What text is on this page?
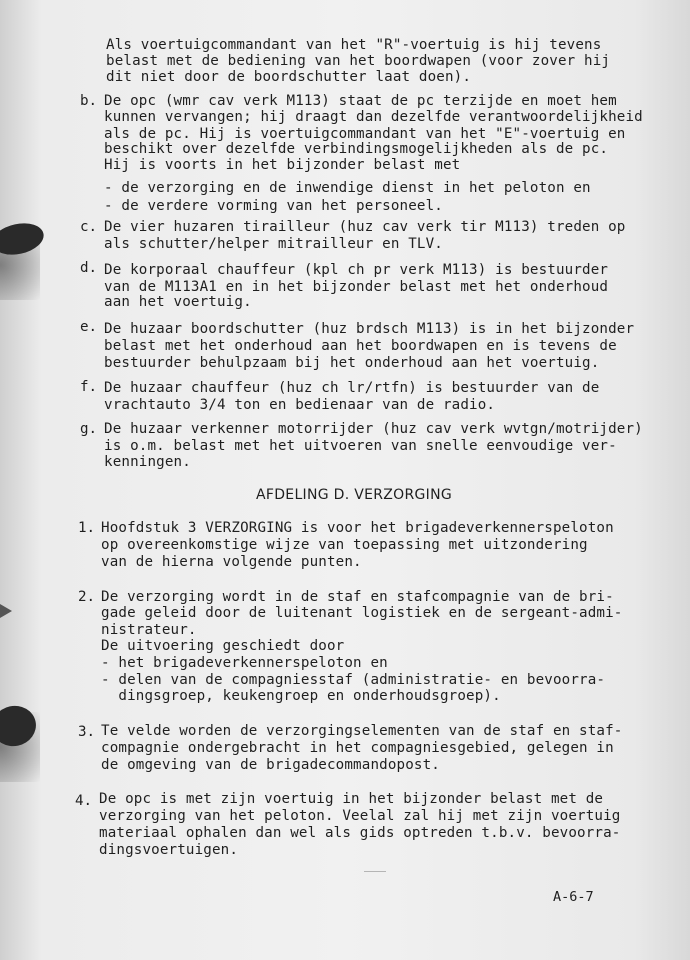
Als voertuigcommandant van het "R"-voertuig is hij tevens
belast met de bediening van het boordwapen (voor zover hij
dit niet door de boordschutter laat doen).
b. De opc (wmr cav verk M113) staat de pc terzijde en moet hem
kunnen vervangen; hij draagt dan dezelfde verantwoordelijkheid
als de pc. Hij is voertuigcommandant van het "E"-voertuig en
beschikt over dezelfde verbindingsmogelijkheden als de pc.
Hij is voorts in het bijzonder belast met
- de verzorging en de inwendige dienst in het peloton en
- de verdere vorming van het personeel.
c. De vier huzaren tirailleur (huz cav verk tir M113) treden op
als schutter/helper mitrailleur en TLV.
d. De korporaal chauffeur (kpl ch pr verk M113) is bestuurder
van de M113A1 en in het bijzonder belast met het onderhoud
aan het voertuig.
e. De huzaar boordschutter (huz brdsch M113) is in het bijzonder
belast met het onderhoud aan het boordwapen en is tevens de
bestuurder behulpzaam bij het onderhoud aan het voertuig.
f. De huzaar chauffeur (huz ch lr/rtfn) is bestuurder van de
vrachtauto 3/4 ton en bedienaar van de radio.
g. De huzaar verkenner motorrijder (huz cav verk wvtgn/motrijder)
is o.m. belast met het uitvoeren van snelle eenvoudige ver-
kenningen.
AFDELING D. VERZORGING
1. Hoofdstuk 3 VERZORGING is voor het brigadeverkennerspeloton
op overeenkomstige wijze van toepassing met uitzondering
van de hierna volgende punten.
2. De verzorging wordt in de staf en stafcompagnie van de bri-
gade geleid door de luitenant logistiek en de sergeant-admi-
nistrateur.
De uitvoering geschiedt door
- het brigadeverkennerspeloton en
- delen van de compagniesstaf (administratie- en bevoorra-
dingsgroep, keukengroep en onderhoudsgroep).
3. Te velde worden de verzorgingselementen van de staf en staf-
compagnie ondergebracht in het compagniesgebied, gelegen in
de omgeving van de brigadecommandopost.
4. De opc is met zijn voertuig in het bijzonder belast met de
verzorging van het peloton. Veelal zal hij met zijn voertuig
materiaal ophalen dan wel als gids optreden t.b.v. bevoorra-
dingsvoertuigen.
A-6-7
